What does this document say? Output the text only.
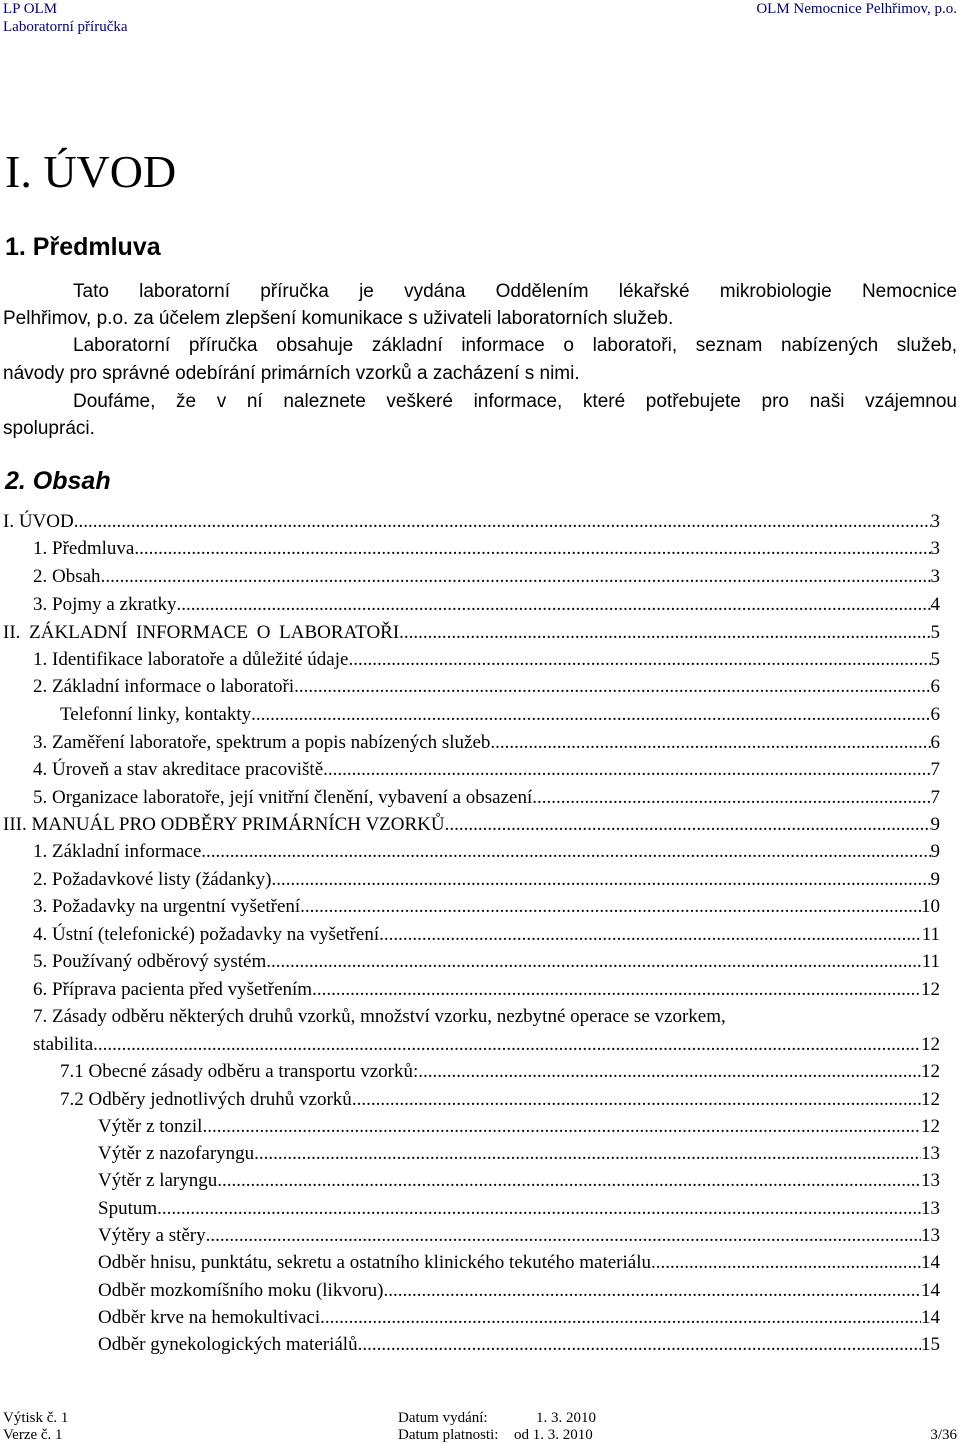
LP OLM
Laboratorní příručka
OLM Nemocnice Pelhřimov, p.o.
I. ÚVOD
1. Předmluva
Tato laboratorní příručka je vydána Oddělením lékařské mikrobiologie Nemocnice
Pelhřimov, p.o. za účelem zlepšení komunikace s uživateli laboratorních služeb.
Laboratorní příručka obsahuje základní informace o laboratoři, seznam nabízených služeb,
návody pro správné odebírání primárních vzorků a zacházení s nimi.
Doufáme, že v ní naleznete veškeré informace, které potřebujete pro naši vzájemnou
spolupráci.
2. Obsah
I. ÚVOD .....	3
1. Předmluva .....	3
2. Obsah .....	3
3. Pojmy a zkratky .....	4
II. ZÁKLADNÍ INFORMACE O LABORATOŘI .....	5
1. Identifikace laboratoře a důležité údaje .....	5
2. Základní informace o laboratoři .....	6
Telefonní linky, kontakty .....	6
3. Zaměření laboratoře, spektrum a popis nabízených služeb .....	6
4. Úroveň a stav akreditace pracoviště .....	7
5. Organizace laboratoře, její vnitřní členění, vybavení a obsazení .....	7
III. MANUÁL PRO ODBĚRY PRIMÁRNÍCH VZORKŮ .....	9
1. Základní informace .....	9
2. Požadavkové listy (žádanky) .....	9
3. Požadavky na urgentní vyšetření .....	10
4. Ústní (telefonické) požadavky na vyšetření .....	11
5. Používaný odběrový systém .....	11
6. Příprava pacienta před vyšetřením .....	12
7. Zásady odběru některých druhů vzorků, množství vzorku, nezbytné operace se vzorkem,
stabilita .....	12
7.1 Obecné zásady odběru a transportu vzorků: .....	12
7.2 Odběry jednotlivých druhů vzorků .....	12
Výtěr z tonzil .....	12
Výtěr z nazofaryngu .....	13
Výtěr z laryngu .....	13
Sputum .....	13
Výtěry a stěry .....	13
Odběr hnisu, punktátu, sekretu a ostatního klinického tekutého materiálu .....	14
Odběr mozkomíšního moku (likvoru) .....	14
Odběr krve na hemokultivaci .....	14
Odběr gynekologických materiálů .....	15
Výtisk č. 1
Verze č. 1
Datum vydání:	1. 3. 2010
Datum platnosti: od 1. 3. 2010	3/36
